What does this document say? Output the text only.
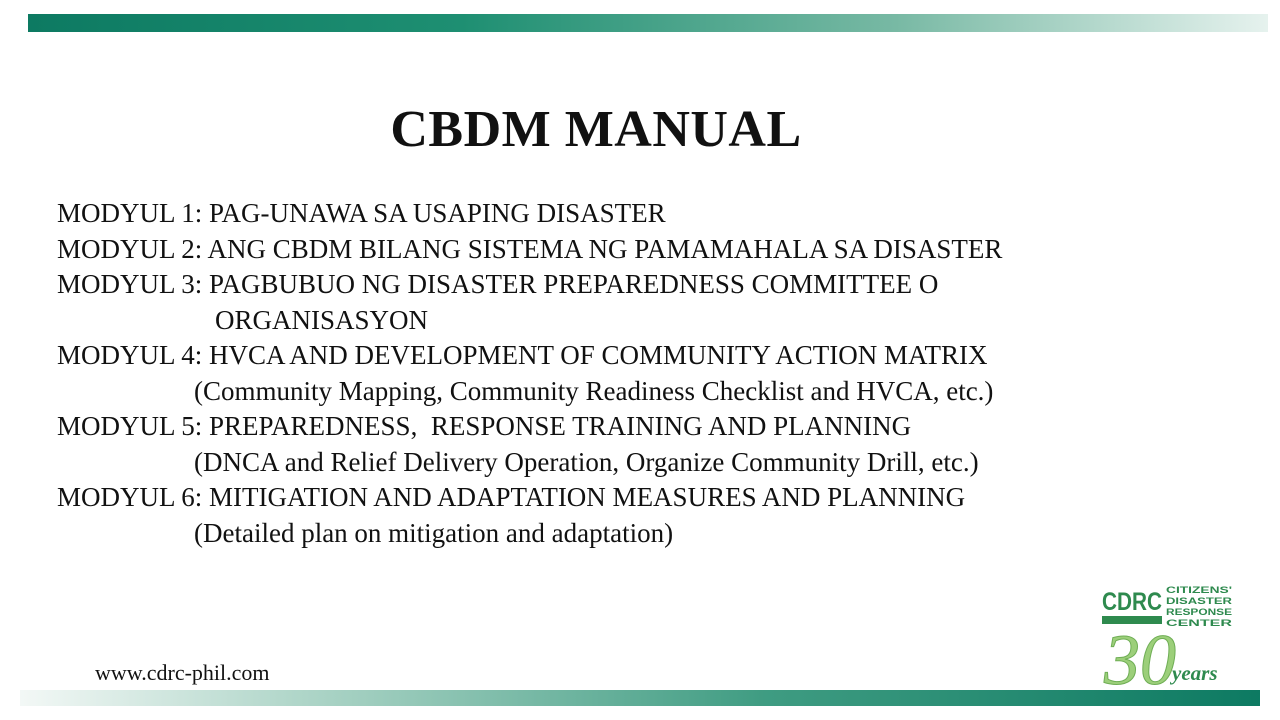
CBDM MANUAL
MODYUL 1: PAG-UNAWA SA USAPING DISASTER
MODYUL 2: ANG CBDM BILANG SISTEMA NG PAMAMAHALA SA DISASTER
MODYUL 3: PAGBUBUO NG DISASTER PREPAREDNESS COMMITTEE O
ORGANISASYON
MODYUL 4: HVCA AND DEVELOPMENT OF COMMUNITY ACTION MATRIX
(Community Mapping, Community Readiness Checklist and HVCA, etc.)
MODYUL 5: PREPAREDNESS,  RESPONSE TRAINING AND PLANNING
(DNCA and Relief Delivery Operation, Organize Community Drill, etc.)
MODYUL 6: MITIGATION AND ADAPTATION MEASURES AND PLANNING
(Detailed plan on mitigation and adaptation)
www.cdrc-phil.com
CDRC CITIZENS'
DISASTER
RESPONSE
CENTER
30
years
